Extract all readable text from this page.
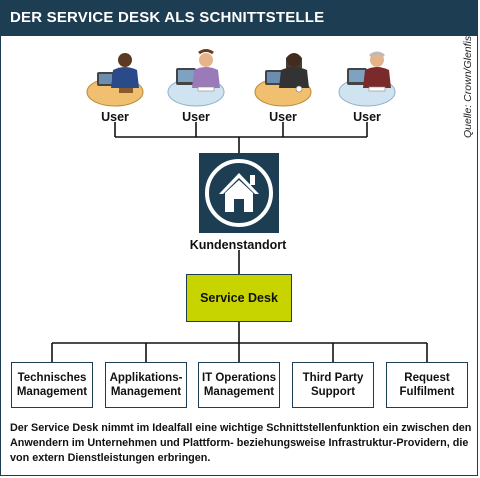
DER SERVICE DESK ALS SCHNITTSTELLE
Quelle: Crown/Glenfis
User	User	User	User
Kundenstandort
Service Desk
Technisches
Management
Applikations-
Management
IT Operations
Management
Third Party
Support
Request
Fulfilment
Der Service Desk nimmt im Idealfall eine wichtige Schnittstellenfunktion ein zwischen den Anwendern im Unternehmen und Plattform- beziehungsweise Infrastruktur-Providern, die von extern Dienstleistungen erbringen.
